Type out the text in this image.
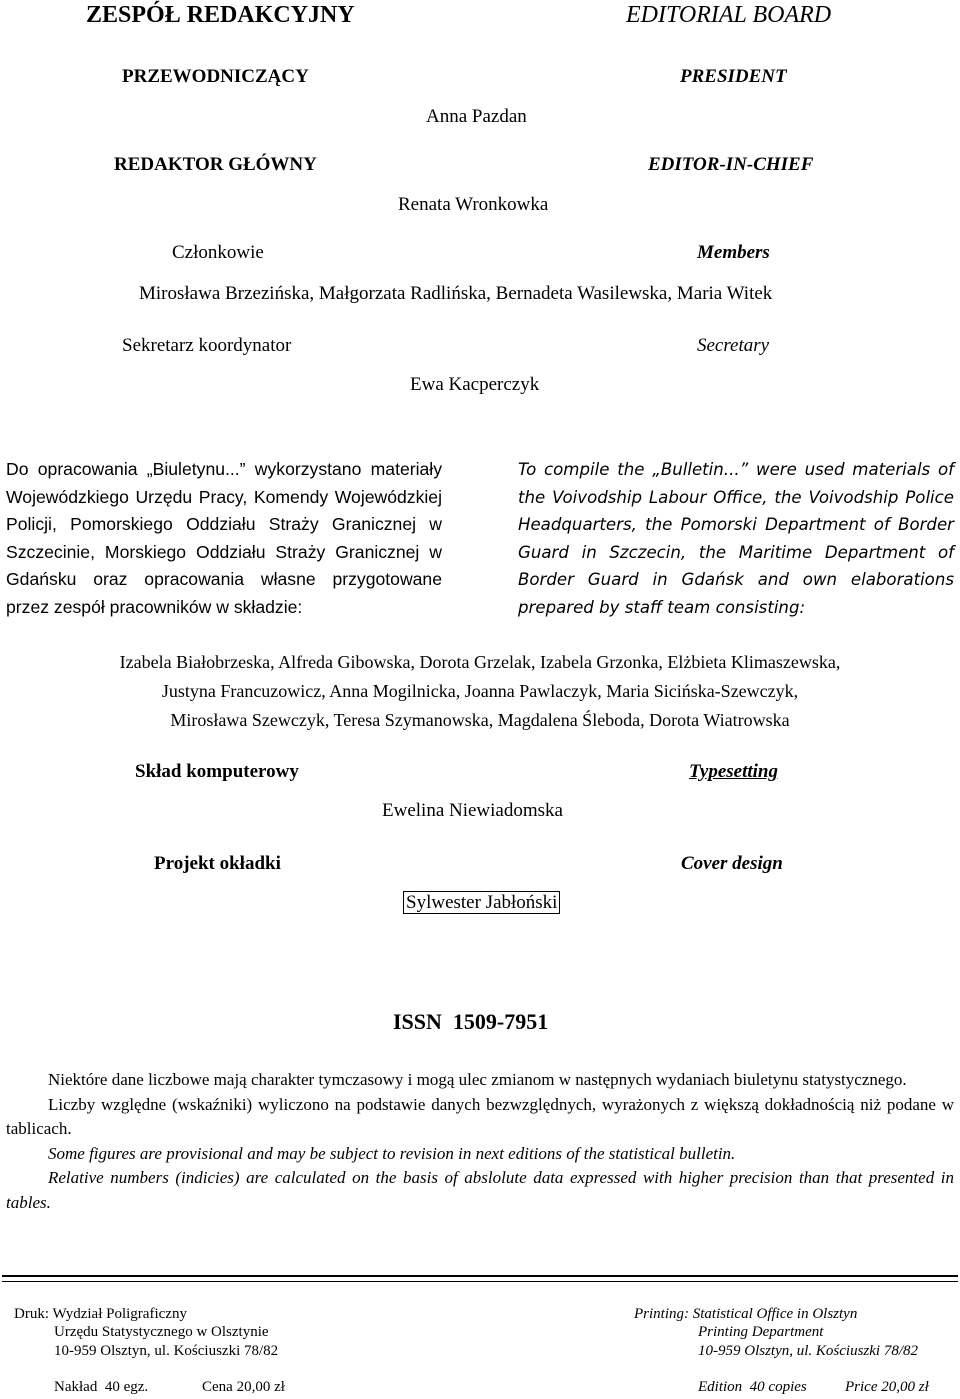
ZESPÓŁ REDAKCYJNY	EDITORIAL BOARD
PRZEWODNICZĄCY	PRESIDENT
Anna Pazdan
REDAKTOR GŁÓWNY	EDITOR-IN-CHIEF
Renata Wronkowka
Członkowie	Members
Mirosława Brzezińska, Małgorzata Radlińska, Bernadeta Wasilewska, Maria Witek
Sekretarz koordynator	Secretary
Ewa Kacperczyk
Do opracowania „Biuletynu...” wykorzystano materiały Wojewódzkiego Urzędu Pracy, Komendy Wojewódzkiej Policji, Pomorskiego Oddziału Straży Granicznej w Szczecinie, Morskiego Oddziału Straży Granicznej w Gdańsku oraz opracowania własne przygotowane przez zespół pracowników w składzie:
To compile the „Bulletin...” were used materials of the Voivodship Labour Office, the Voivodship Police Headquarters, the Pomorski Department of Border Guard in Szczecin, the Maritime Department of Border Guard in Gdańsk and own elaborations prepared by staff team consisting:
Izabela Białobrzeska, Alfreda Gibowska, Dorota Grzelak, Izabela Grzonka, Elżbieta Klimaszewska,
Justyna Francuzowicz, Anna Mogilnicka, Joanna Pawlaczyk, Maria Sicińska-Szewczyk,
Mirosława Szewczyk, Teresa Szymanowska, Magdalena Śleboda, Dorota Wiatrowska
Skład komputerowy	Typesetting
Ewelina Niewiadomska
Projekt okładki	Cover design
Sylwester Jabłoński
ISSN  1509-7951

Niektóre dane liczbowe mają charakter tymczasowy i mogą ulec zmianom w następnych wydaniach biuletynu statystycznego.

Liczby względne (wskaźniki) wyliczono na podstawie danych bezwzględnych, wyrażonych z większą dokładnością niż podane w tablicach.

Some figures are provisional and may be subject to revision in next editions of the statistical bulletin.

Relative numbers (indicies) are calculated on the basis of abslolute data expressed with higher precision than that presented in tables.

Druk: Wydział Poligraficzny
Urzędu Statystycznego w Olsztynie
10-959 Olsztyn, ul. Kościuszki 78/82
Printing: Statistical Office in Olsztyn
Printing Department
10-959 Olsztyn, ul. Kościuszki 78/82
Nakład  40 egz.	Cena 20,00 zł	Edition  40 copies	Price 20,00 zł
